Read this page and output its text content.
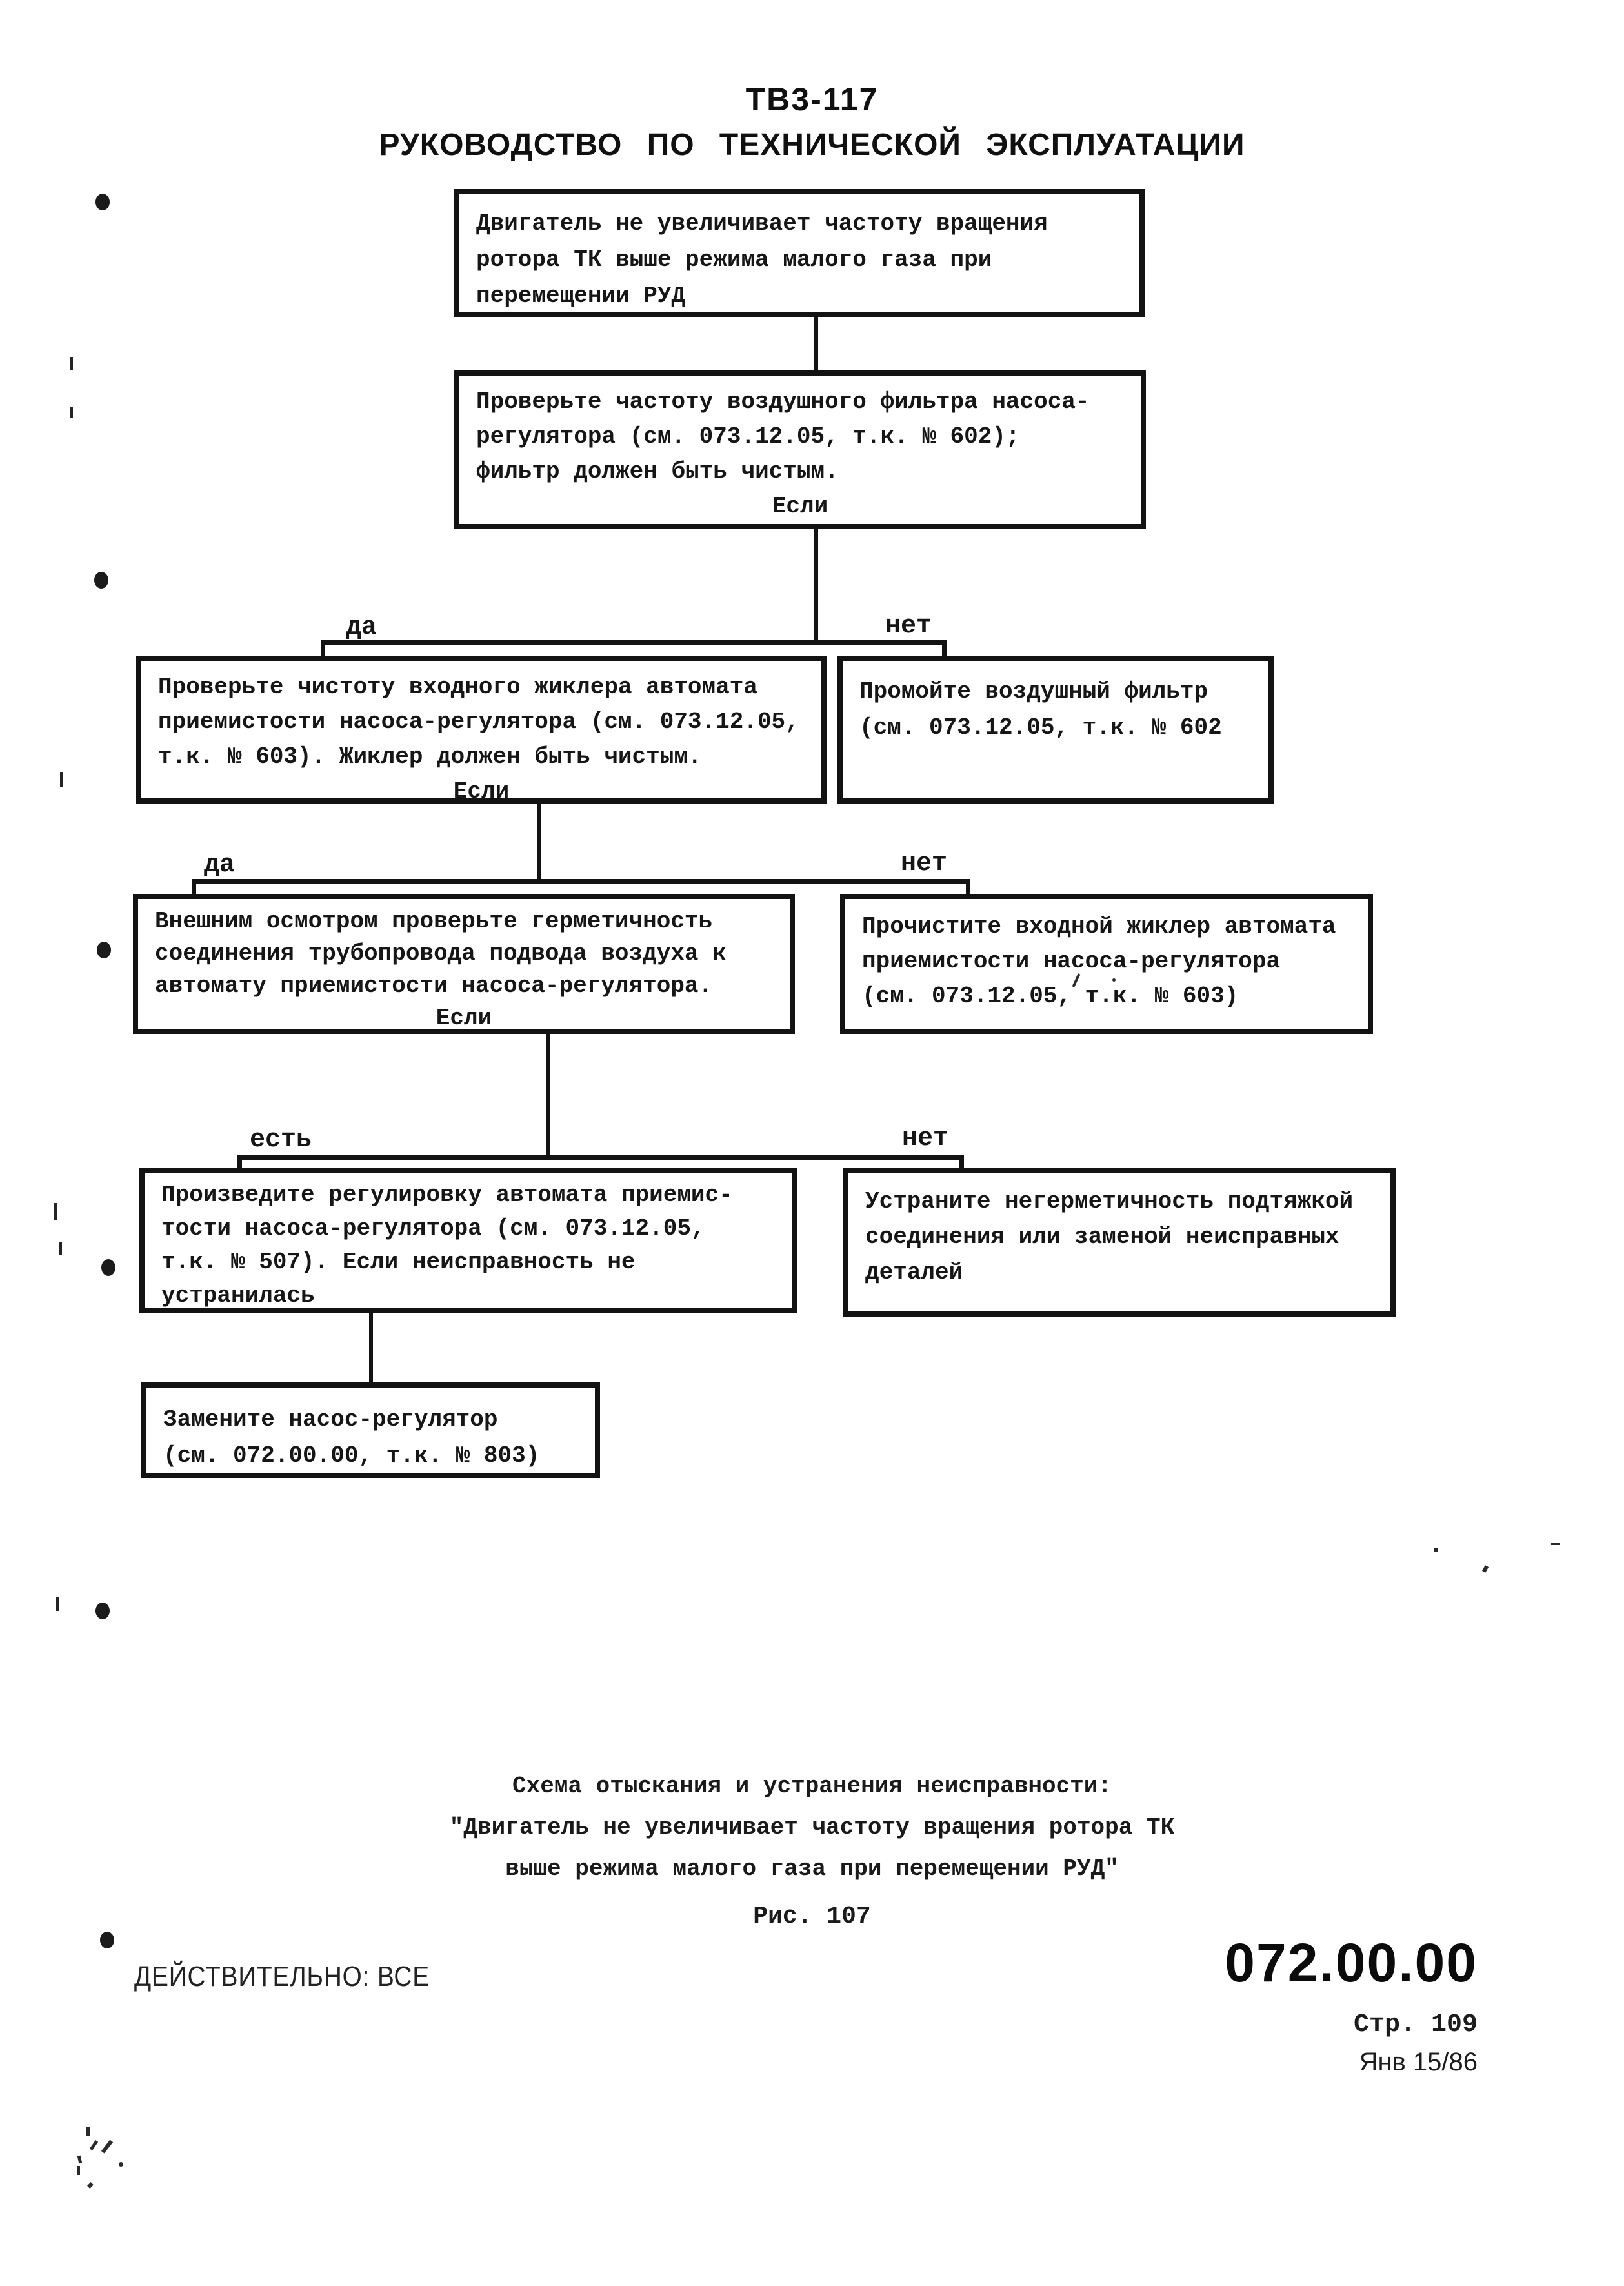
ТВ3-117
РУКОВОДСТВО ПО ТЕХНИЧЕСКОЙ ЭКСПЛУАТАЦИИ
Двигатель не увеличивает частоту вращения
ротора ТК выше режима малого газа при
перемещении РУД
Проверьте частоту воздушного фильтра насоса-
регулятора (см. 073.12.05, т.к. № 602);
фильтр должен быть чистым.
Если
да	нет
Проверьте чистоту входного жиклера автомата
приемистости насоса-регулятора (см. 073.12.05,
т.к. № 603). Жиклер должен быть чистым.
Если
Промойте воздушный фильтр
(см. 073.12.05, т.к. № 602
да	нет
Внешним осмотром проверьте герметичность
соединения трубопровода подвода воздуха к
автомату приемистости насоса-регулятора.
Если
Прочистите входной жиклер автомата
приемистости насоса-регулятора
(см. 073.12.05, т.к. № 603)
есть	нет
Произведите регулировку автомата приемис-
тости насоса-регулятора (см. 073.12.05,
т.к. № 507). Если неисправность не
устранилась
Устраните негерметичность подтяжкой
соединения или заменой неисправных
деталей
Замените насос-регулятор
(см. 072.00.00, т.к. № 803)
Схема отыскания и устранения неисправности:
"Двигатель не увеличивает частоту вращения ротора ТК
выше режима малого газа при перемещении РУД"
Рис. 107
ДЕЙСТВИТЕЛЬНО: ВСЕ	072.00.00
Стр. 109
Янв 15/86
